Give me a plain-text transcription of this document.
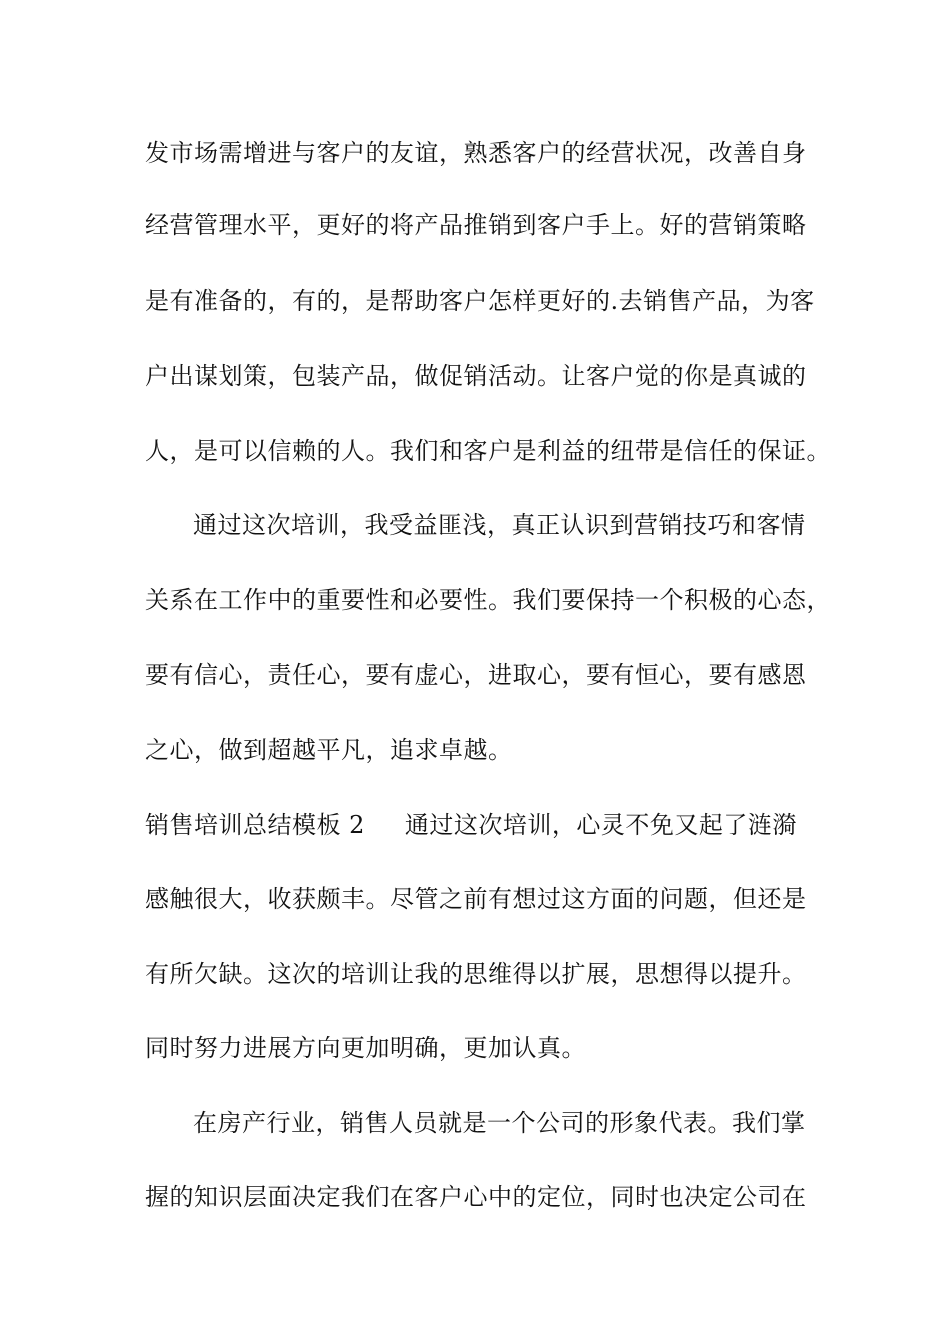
发市场需增进与客户的友谊，熟悉客户的经营状况，改善自身
经营管理水平，更好的将产品推销到客户手上。好的营销策略
是有准备的，有的，是帮助客户怎样更好的.去销售产品，为客
户出谋划策，包装产品，做促销活动。让客户觉的你是真诚的
人，是可以信赖的人。我们和客户是利益的纽带是信任的保证。
通过这次培训，我受益匪浅，真正认识到营销技巧和客情
关系在工作中的重要性和必要性。我们要保持一个积极的心态，
要有信心，责任心，要有虚心，进取心，要有恒心，要有感恩
之心，做到超越平凡，追求卓越。
销售培训总结模板 2 通过这次培训，心灵不免又起了涟漪
感触很大，收获颇丰。尽管之前有想过这方面的问题，但还是
有所欠缺。这次的培训让我的思维得以扩展，思想得以提升。
同时努力进展方向更加明确，更加认真。
在房产行业，销售人员就是一个公司的形象代表。我们掌
握的知识层面决定我们在客户心中的定位，同时也决定公司在
